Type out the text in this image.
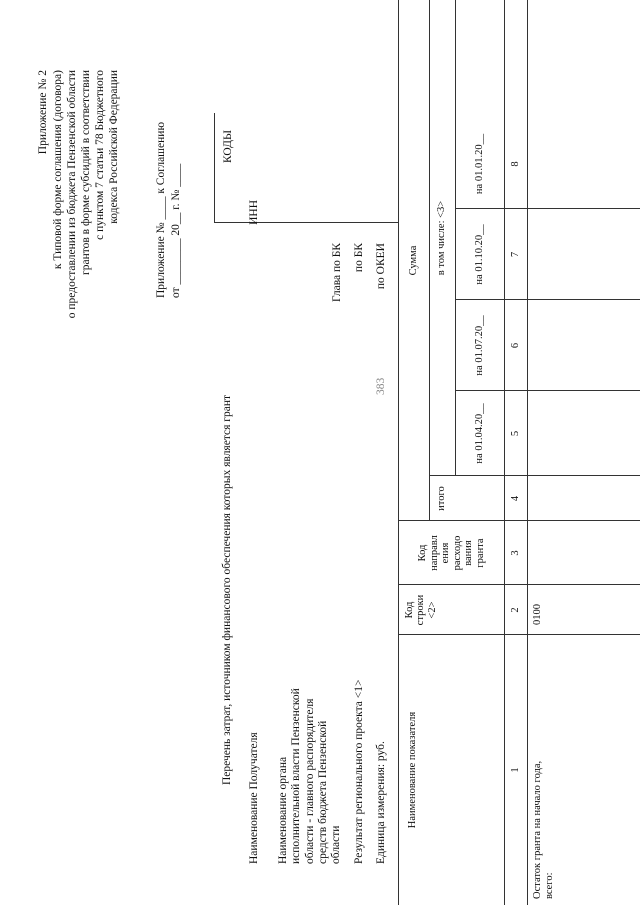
Приложение № 2 к Типовой форме соглашения (договора) о предоставлении из бюджета Пензенской области грантов в форме субсидий в соответствии с пунктом 7 статьи 78 Бюджетного кодекса Российской Федерации	Приложение № ____ к Соглашению от ________ 20__ г. № ____
Перечень затрат, источником финансового обеспечения которых является грант
КОДЫ
ИНН
Глава по БК по БК по ОКЕИ
383
Наименование Получателя Наименование органа
исполнительной власти Пензенской
области - главного распорядителя
средств бюджета Пензенской
области Результат регионального проекта <1> Единица измерения: руб.	Наименование показателя
Код
строки
<2>
Код
направл
ения
расходо
вания
гранта
Сумма
итого
в том числе: <3>
на 01.04.20__
на 01.07.20__
на 01.10.20__
на 01.01.20__
1
2
3
4
5
6
7
8
Остаток гранта на начало года,
всего:
0100
